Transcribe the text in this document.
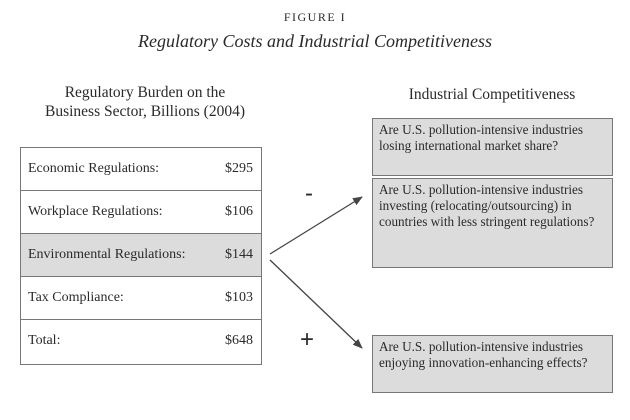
FIGURE I
Regulatory Costs and Industrial Competitiveness
Regulatory Burden on the
Business Sector, Billions (2004)
Industrial Competitiveness
Economic Regulations:	$295
Workplace Regulations:	$106
Environmental Regulations:	$144
Tax Compliance:	$103
Total:	$648
Are U.S. pollution-intensive industries losing international market share?
Are U.S. pollution-intensive industries investing (relocating/outsourcing) in countries with less stringent regulations?
Are U.S. pollution-intensive industries enjoying innovation-enhancing effects?
-
+
